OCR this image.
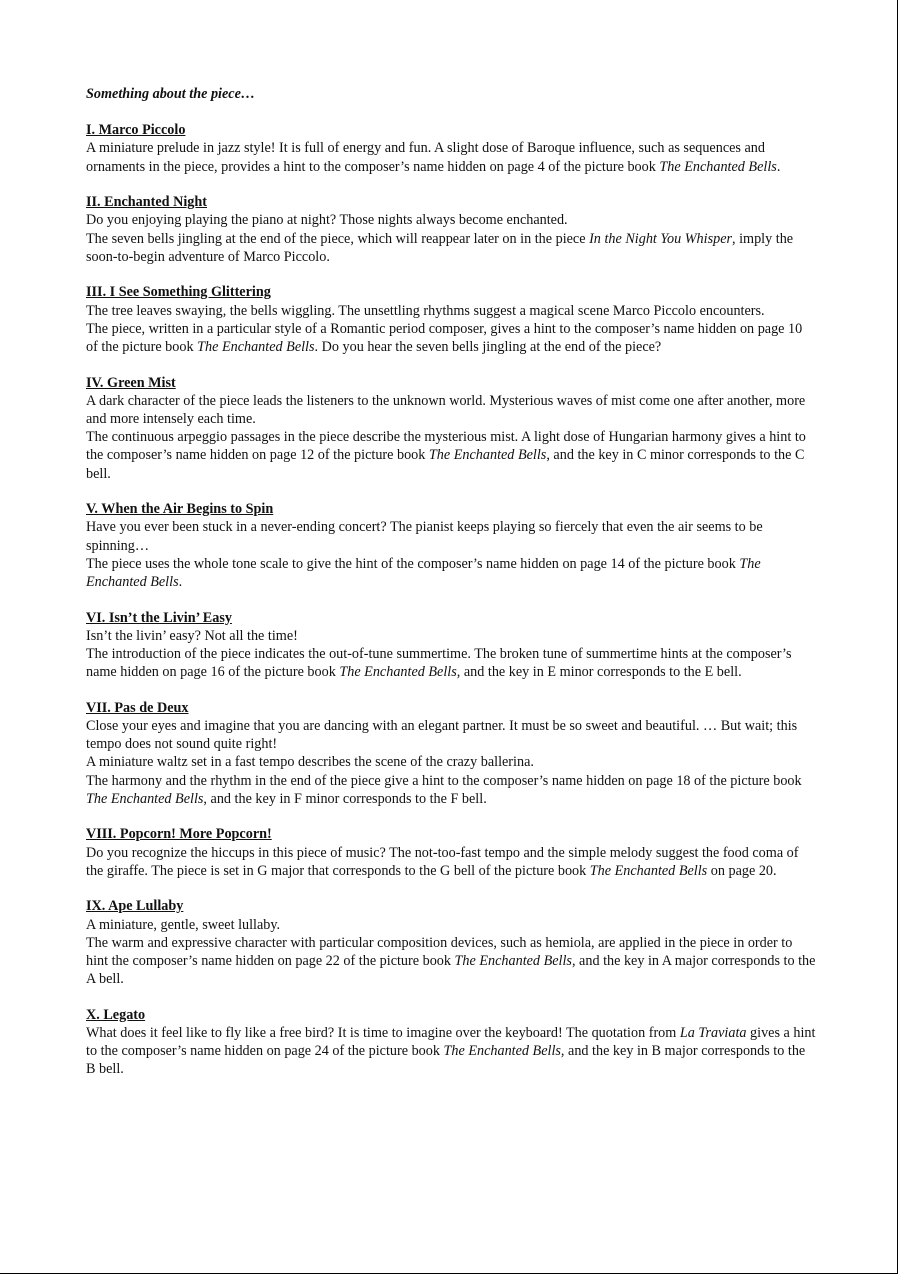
Something about the piece…

I. Marco Piccolo

A miniature prelude in jazz style! It is full of energy and fun. A slight dose of Baroque influence, such as sequences and ornaments in the piece, provides a hint to the composer’s name hidden on page 4 of the picture book The Enchanted Bells.

II. Enchanted Night

Do you enjoying playing the piano at night? Those nights always become enchanted.

The seven bells jingling at the end of the piece, which will reappear later on in the piece In the Night You Whisper, imply the soon-to-begin adventure of Marco Piccolo.

III. I See Something Glittering

The tree leaves swaying, the bells wiggling. The unsettling rhythms suggest a magical scene Marco Piccolo encounters.

The piece, written in a particular style of a Romantic period composer, gives a hint to the composer’s name hidden on page 10 of the picture book The Enchanted Bells. Do you hear the seven bells jingling at the end of the piece?

IV. Green Mist

A dark character of the piece leads the listeners to the unknown world. Mysterious waves of mist come one after another, more and more intensely each time.

The continuous arpeggio passages in the piece describe the mysterious mist. A light dose of Hungarian harmony gives a hint to the composer’s name hidden on page 12 of the picture book The Enchanted Bells, and the key in C minor corresponds to the C bell.

V. When the Air Begins to Spin

Have you ever been stuck in a never-ending concert? The pianist keeps playing so fiercely that even the air seems to be spinning…

The piece uses the whole tone scale to give the hint of the composer’s name hidden on page 14 of the picture book The Enchanted Bells.

VI. Isn’t the Livin’ Easy

Isn’t the livin’ easy? Not all the time!

The introduction of the piece indicates the out-of-tune summertime. The broken tune of summertime hints at the composer’s name hidden on page 16 of the picture book The Enchanted Bells, and the key in E minor corresponds to the E bell.

VII. Pas de Deux

Close your eyes and imagine that you are dancing with an elegant partner. It must be so sweet and beautiful. … But wait; this tempo does not sound quite right!

A miniature waltz set in a fast tempo describes the scene of the crazy ballerina.

The harmony and the rhythm in the end of the piece give a hint to the composer’s name hidden on page 18 of the picture book The Enchanted Bells, and the key in F minor corresponds to the F bell.

VIII. Popcorn! More Popcorn!

Do you recognize the hiccups in this piece of music? The not-too-fast tempo and the simple melody suggest the food coma of the giraffe. The piece is set in G major that corresponds to the G bell of the picture book The Enchanted Bells on page 20.

IX. Ape Lullaby

A miniature, gentle, sweet lullaby.

The warm and expressive character with particular composition devices, such as hemiola, are applied in the piece in order to hint the composer’s name hidden on page 22 of the picture book The Enchanted Bells, and the key in A major corresponds to the A bell.

X. Legato

What does it feel like to fly like a free bird? It is time to imagine over the keyboard! The quotation from La Traviata gives a hint to the composer’s name hidden on page 24 of the picture book The Enchanted Bells, and the key in B major corresponds to the B bell.
